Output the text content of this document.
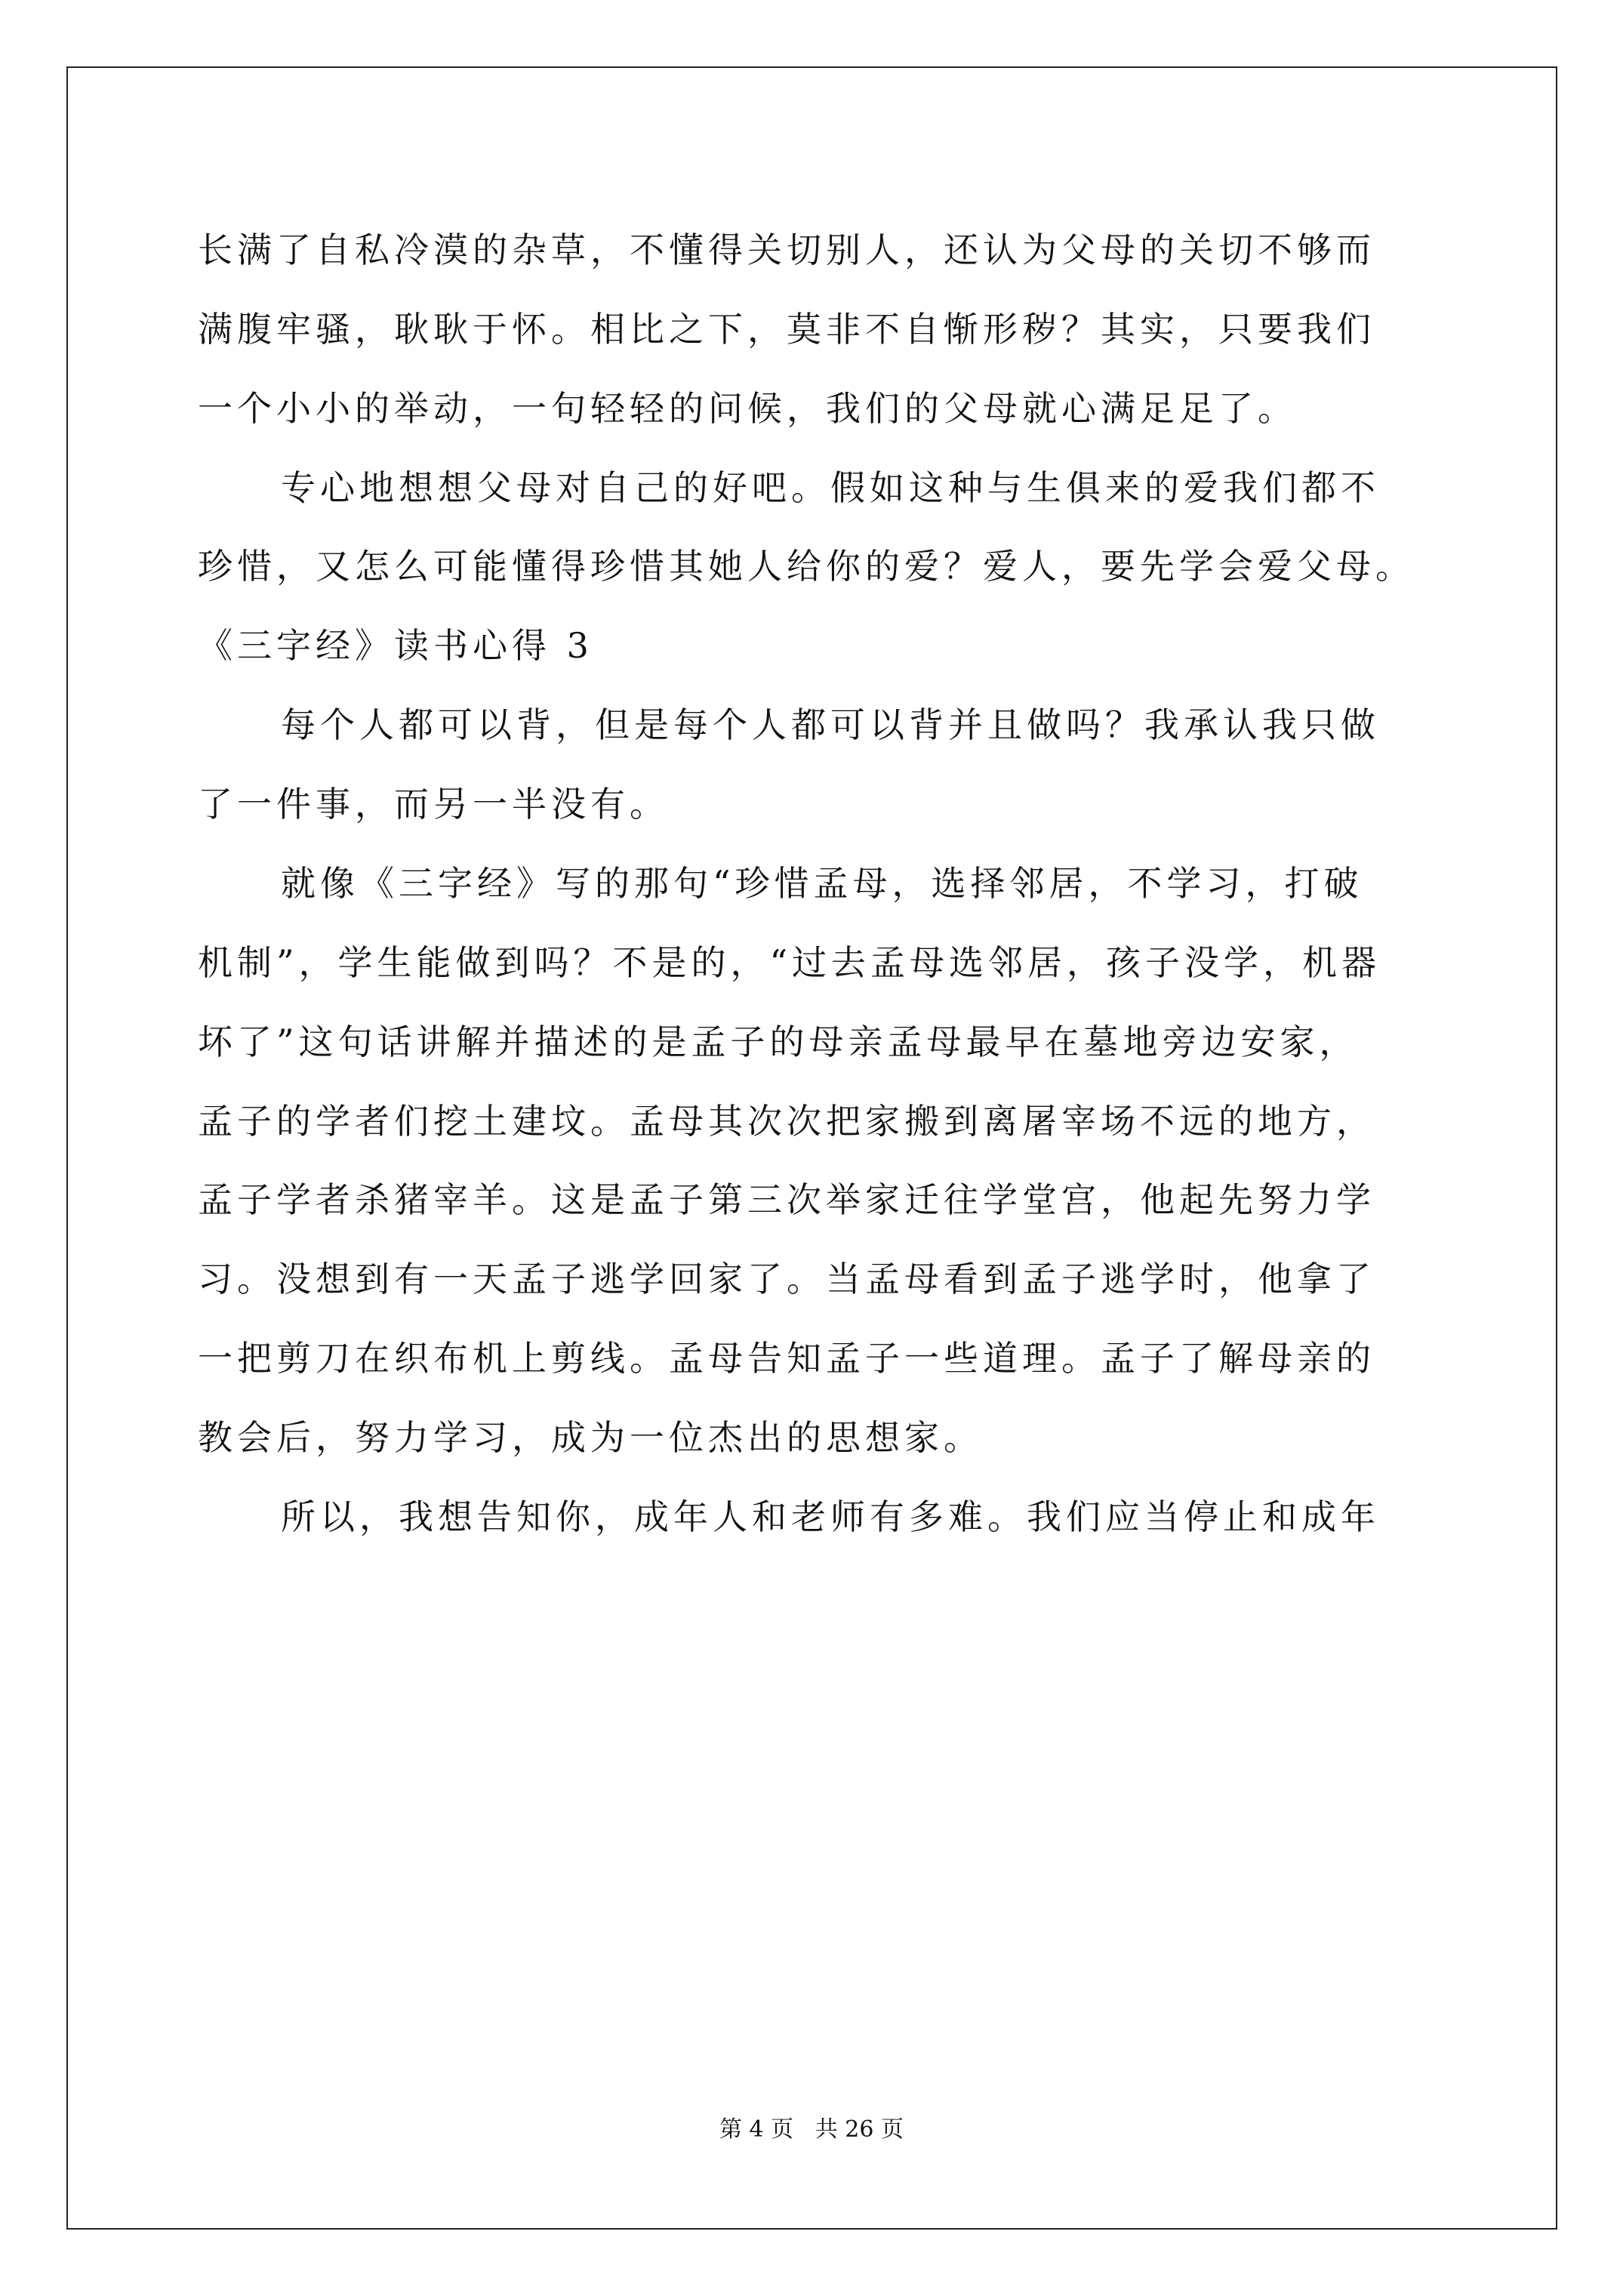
长满了自私冷漠的杂草，不懂得关切别人，还认为父母的关切不够而
满腹牢骚，耿耿于怀。相比之下，莫非不自惭形秽？其实，只要我们
一个小小的举动，一句轻轻的问候，我们的父母就心满足足了。
专心地想想父母对自己的好吧。假如这种与生俱来的爱我们都不
珍惜，又怎么可能懂得珍惜其她人给你的爱？爱人，要先学会爱父母。
《三字经》读书心得 3
每个人都可以背，但是每个人都可以背并且做吗？我承认我只做
了一件事，而另一半没有。
就像《三字经》写的那句“珍惜孟母，选择邻居，不学习，打破
机制”，学生能做到吗？不是的，“过去孟母选邻居，孩子没学，机器
坏了”这句话讲解并描述的是孟子的母亲孟母最早在墓地旁边安家，
孟子的学者们挖土建坟。孟母其次次把家搬到离屠宰场不远的地方，
孟子学者杀猪宰羊。这是孟子第三次举家迁往学堂宫，他起先努力学
习。没想到有一天孟子逃学回家了。当孟母看到孟子逃学时，他拿了
一把剪刀在织布机上剪线。孟母告知孟子一些道理。孟子了解母亲的
教会后，努力学习，成为一位杰出的思想家。
所以，我想告知你，成年人和老师有多难。我们应当停止和成年
第 4 页   共 26 页
